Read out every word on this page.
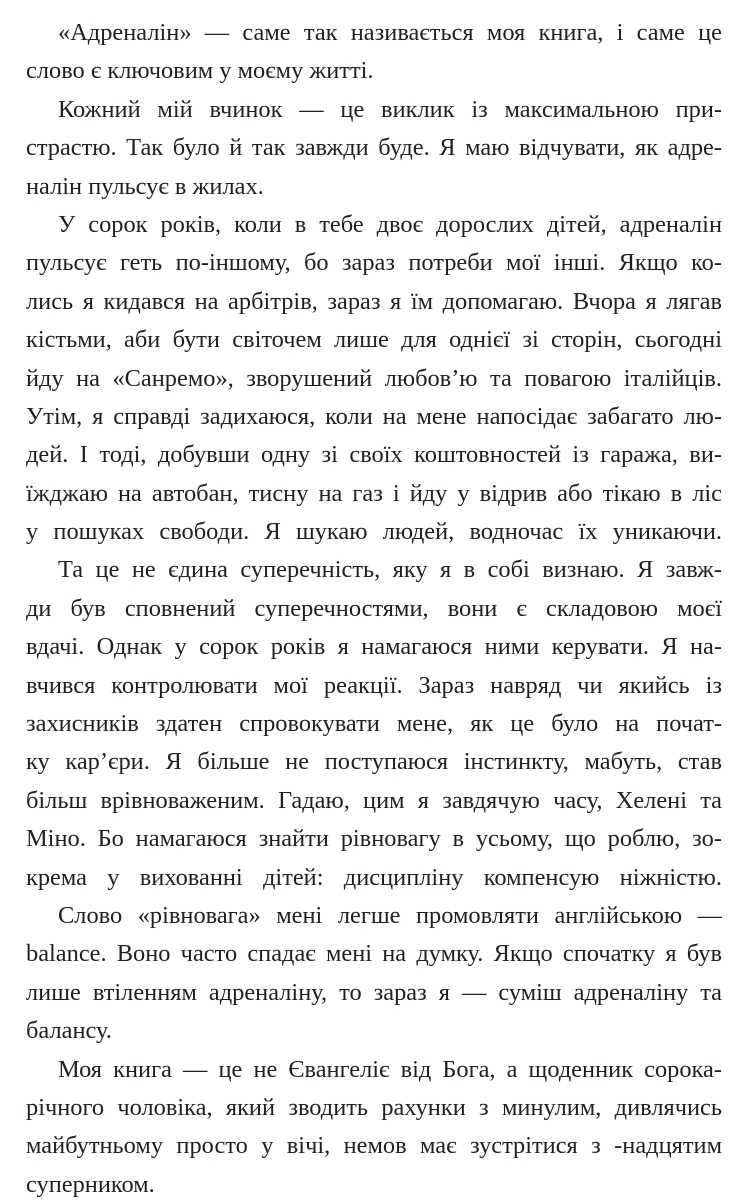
«Адреналін» — саме так називається моя книга, і саме це
слово є ключовим у моєму житті.
Кожний мій вчинок — це виклик із максимальною при-
страстю. Так було й так завжди буде. Я маю відчувати, як адре-
налін пульсує в жилах.
У сорок років, коли в тебе двоє дорослих дітей, адреналін
пульсує геть по-іншому, бо зараз потреби мої інші. Якщо ко-
лись я кидався на арбітрів, зараз я їм допомагаю. Вчора я лягав
кістьми, аби бути світочем лише для однієї зі сторін, сьогодні
йду на «Санремо», зворушений любов’ю та повагою італійців.
Утім, я справді задихаюся, коли на мене напосідає забагато лю-
дей. І тоді, добувши одну зі своїх коштовностей із гаража, ви-
їжджаю на автобан, тисну на газ і йду у відрив або тікаю в ліс
у пошуках свободи. Я шукаю людей, водночас їх уникаючи.
Та це не єдина суперечність, яку я в собі визнаю. Я завж-
ди був сповнений суперечностями, вони є складовою моєї
вдачі. Однак у сорок років я намагаюся ними керувати. Я на-
вчився контролювати мої реакції. Зараз навряд чи якийсь із
захисників здатен спровокувати мене, як це було на почат-
ку кар’єри. Я більше не поступаюся інстинкту, мабуть, став
більш врівноваженим. Гадаю, цим я завдячую часу, Хелені та
Міно. Бо намагаюся знайти рівновагу в усьому, що роблю, зо-
крема у вихованні дітей: дисципліну компенсую ніжністю.
Слово «рівновага» мені легше промовляти англійською —
balance. Воно часто спадає мені на думку. Якщо спочатку я був
лише втіленням адреналіну, то зараз я — суміш адреналіну та
балансу.
Моя книга — це не Євангеліє від Бога, а щоденник сорока-
річного чоловіка, який зводить рахунки з минулим, дивлячись
майбутньому просто у вічі, немов має зустрітися з -надцятим
суперником.
